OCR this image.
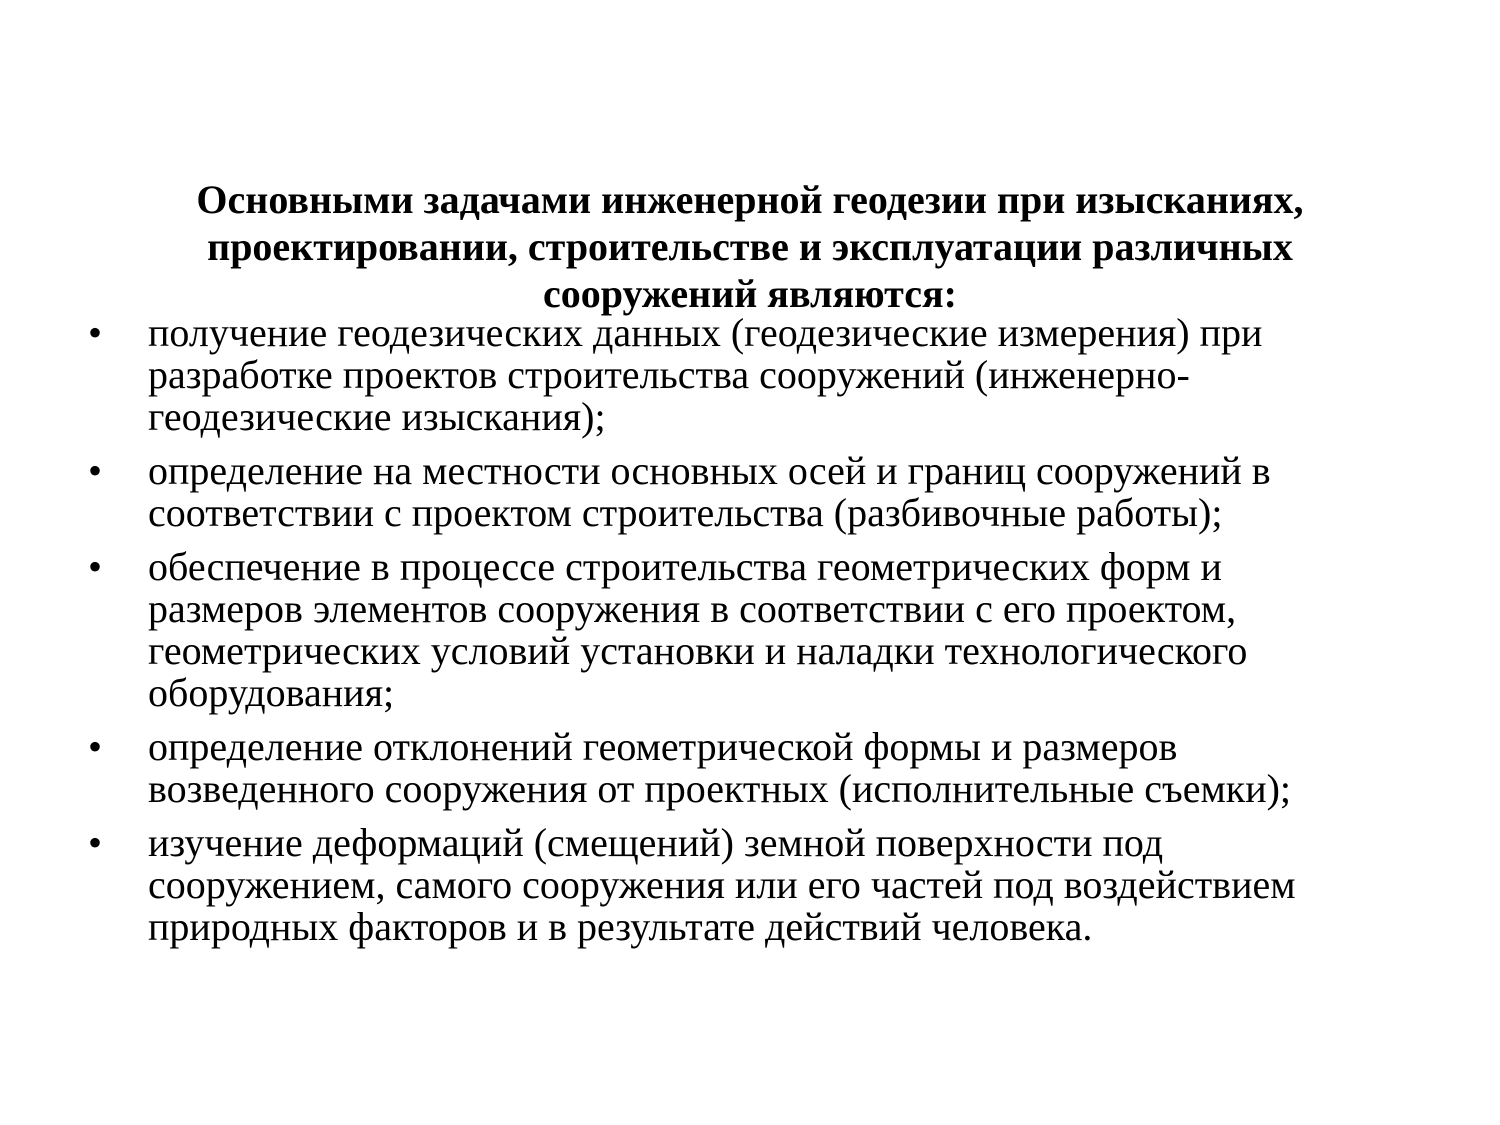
Основными задачами инженерной геодезии при изысканиях,
проектировании, строительстве и эксплуатации различных
сооружений являются:
• получение геодезических данных (геодезические измерения) при
разработке проектов строительства сооружений (инженерно-
геодезические изыскания);
• определение на местности основных осей и границ сооружений в
соответствии с проектом строительства (разбивочные работы);
• обеспечение в процессе строительства геометрических форм и
размеров элементов сооружения в соответствии с его проектом,
геометрических условий установки и наладки технологического
оборудования;
• определение отклонений геометрической формы и размеров
возведенного сооружения от проектных (исполнительные съемки);
• изучение деформаций (смещений) земной поверхности под
сооружением, самого сооружения или его частей под воздействием
природных факторов и в результате действий человека.
